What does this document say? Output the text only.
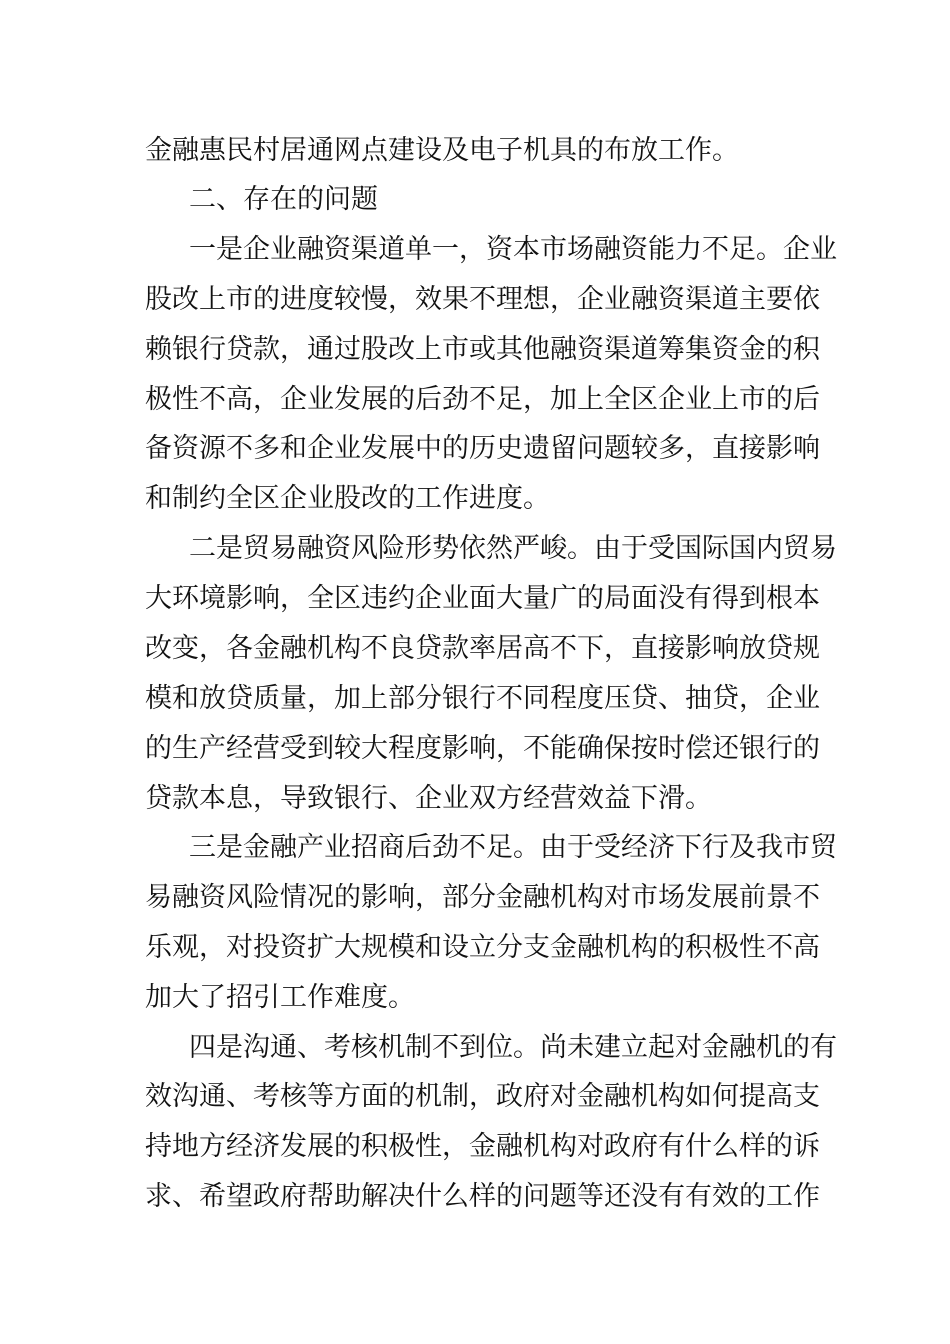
金融惠民村居通网点建设及电子机具的布放工作。
二、存在的问题
一是企业融资渠道单一，资本市场融资能力不足。企业
股改上市的进度较慢，效果不理想，企业融资渠道主要依
赖银行贷款，通过股改上市或其他融资渠道筹集资金的积
极性不高，企业发展的后劲不足，加上全区企业上市的后
备资源不多和企业发展中的历史遗留问题较多，直接影响
和制约全区企业股改的工作进度。
二是贸易融资风险形势依然严峻。由于受国际国内贸易
大环境影响，全区违约企业面大量广的局面没有得到根本
改变，各金融机构不良贷款率居高不下，直接影响放贷规
模和放贷质量，加上部分银行不同程度压贷、抽贷，企业
的生产经营受到较大程度影响，不能确保按时偿还银行的
贷款本息，导致银行、企业双方经营效益下滑。
三是金融产业招商后劲不足。由于受经济下行及我市贸
易融资风险情况的影响，部分金融机构对市场发展前景不
乐观，对投资扩大规模和设立分支金融机构的积极性不高
加大了招引工作难度。
四是沟通、考核机制不到位。尚未建立起对金融机的有
效沟通、考核等方面的机制，政府对金融机构如何提高支
持地方经济发展的积极性，金融机构对政府有什么样的诉
求、希望政府帮助解决什么样的问题等还没有有效的工作
